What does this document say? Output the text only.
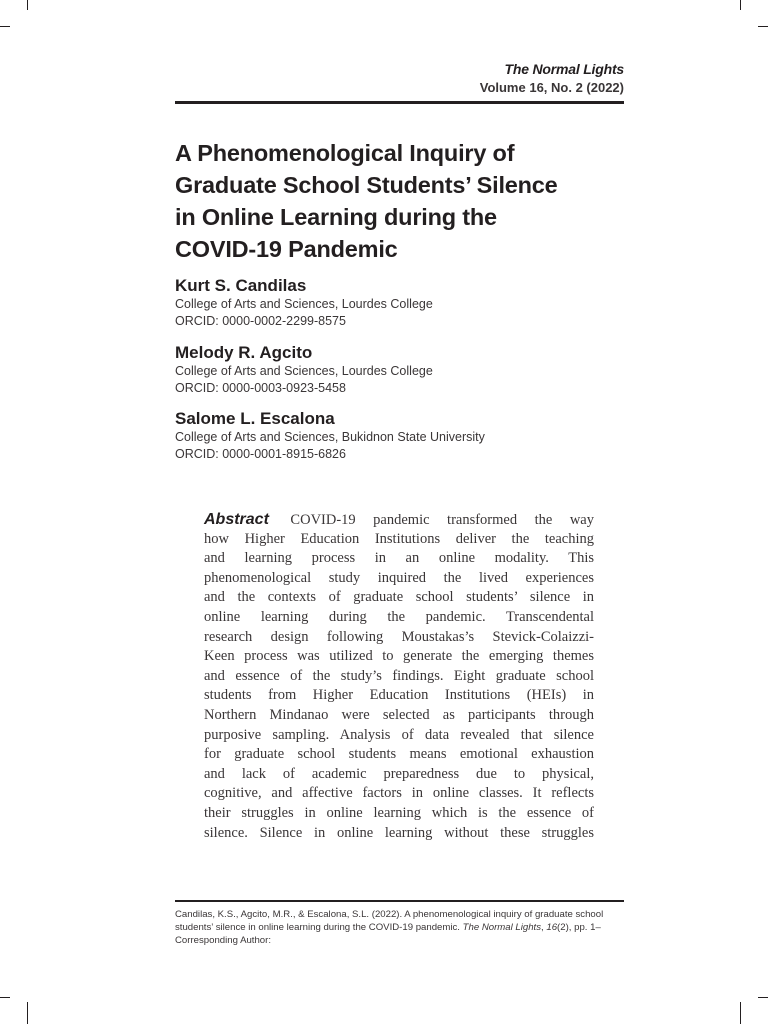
The Normal Lights
Volume 16, No. 2 (2022)
A Phenomenological Inquiry of
Graduate School Students’ Silence
in Online Learning during the
COVID-19 Pandemic
Kurt S. Candilas
College of Arts and Sciences, Lourdes College
ORCID: 0000-0002-2299-8575
Melody R. Agcito
College of Arts and Sciences, Lourdes College
ORCID: 0000-0003-0923-5458
Salome L. Escalona
College of Arts and Sciences, Bukidnon State University
ORCID: 0000-0001-8915-6826
Abstract COVID-19 pandemic transformed the way
how Higher Education Institutions deliver the teaching
and learning process in an online modality. This
phenomenological study inquired the lived experiences
and the contexts of graduate school students’ silence in
online learning during the pandemic. Transcendental
research design following Moustakas’s Stevick-Colaizzi-
Keen process was utilized to generate the emerging themes
and essence of the study’s findings. Eight graduate school
students from Higher Education Institutions (HEIs) in
Northern Mindanao were selected as participants through
purposive sampling. Analysis of data revealed that silence
for graduate school students means emotional exhaustion
and lack of academic preparedness due to physical,
cognitive, and affective factors in online classes. It reflects
their struggles in online learning which is the essence of
silence. Silence in online learning without these struggles
Candilas, K.S., Agcito, M.R., & Escalona, S.L. (2022). A phenomenological inquiry of graduate school
students’ silence in online learning during the COVID-19 pandemic. The Normal Lights, 16(2), pp. 1–
Corresponding Author:
